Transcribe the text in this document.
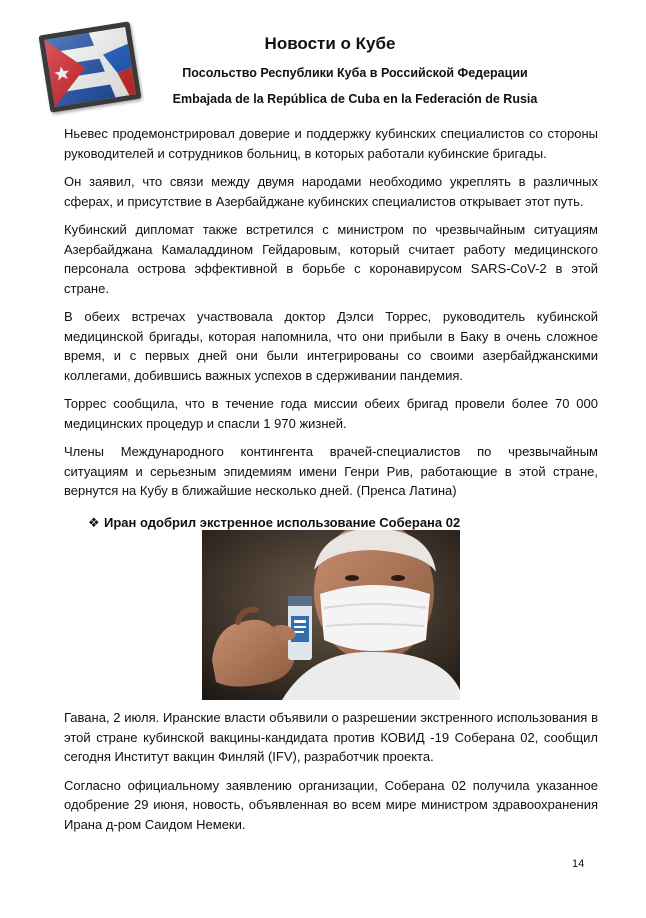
Новости о Кубе
Посольство Республики Куба в Российской Федерации
Embajada de la República de Cuba en la Federación de Rusia

Ньевес продемонстрировал доверие и поддержку кубинских специалистов со стороны руководителей и сотрудников больниц, в которых работали кубинские бригады.

Он заявил, что связи между двумя народами необходимо укреплять в различных сферах, и присутствие в Азербайджане кубинских специалистов открывает этот путь.

Кубинский дипломат также встретился с министром по чрезвычайным ситуациям Азербайджана Камаладдином Гейдаровым, который считает работу медицинского персонала острова эффективной в борьбе с коронавирусом SARS-CoV-2 в этой стране.

В обеих встречах участвовала доктор Дэлси Торрес, руководитель кубинской медицинской бригады, которая напомнила, что они прибыли в Баку в очень сложное время, и с первых дней они были интегрированы со своими азербайджанскими коллегами, добившись важных успехов в сдерживании пандемия.

Торрес сообщила, что в течение года миссии обеих бригад провели более 70 000 медицинских процедур и спасли 1 970 жизней.

Члены Международного контингента врачей-специалистов по чрезвычайным ситуациям и серьезным эпидемиям имени Генри Рив, работающие в этой стране, вернутся на Кубу в ближайшие несколько дней. (Пренса Латина)

❖ Иран одобрил экстренное использование Соберана 02

Гавана, 2 июля. Иранские власти объявили о разрешении экстренного использования в этой стране кубинской вакцины-кандидата против КОВИД -19 Соберана 02, сообщил сегодня Институт вакцин Финляй (IFV), разработчик проекта.

Согласно официальному заявлению организации, Соберана 02 получила указанное одобрение 29 июня, новость, объявленная во всем мире министром здравоохранения Ирана д-ром Саидом Немеки.

14
